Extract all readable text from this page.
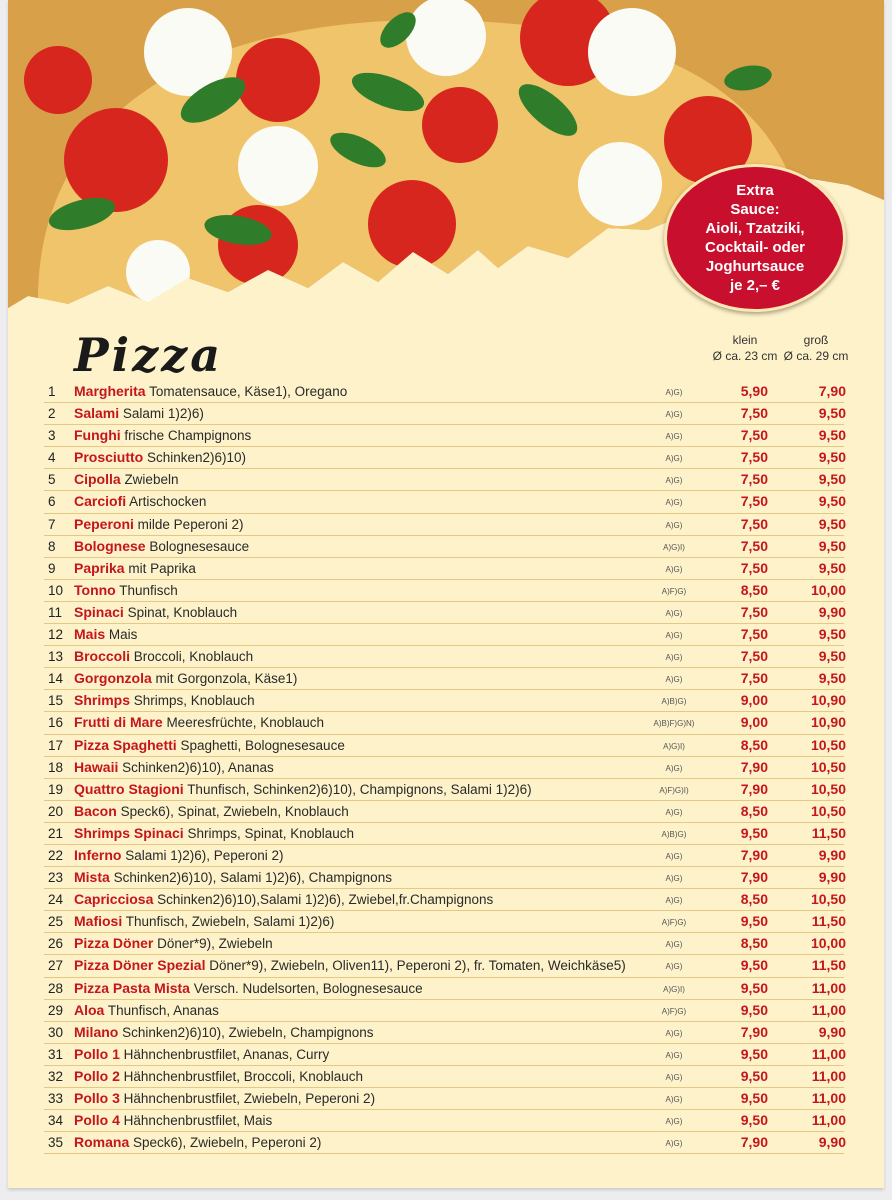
Extra
Sauce:
Aioli, Tzatziki,
Cocktail- oder
Joghurtsauce
je 2,– €
Pizza	klein
Ø ca. 23 cm
groß
Ø ca. 29 cm
1	Margherita Tomatensauce, Käse1), Oregano	A)G)	5,90	7,90
2	Salami Salami 1)2)6)	A)G)	7,50	9,50
3	Funghi frische Champignons	A)G)	7,50	9,50
4	Prosciutto Schinken2)6)10)	A)G)	7,50	9,50
5	Cipolla Zwiebeln	A)G)	7,50	9,50
6	Carciofi Artischocken	A)G)	7,50	9,50
7	Peperoni milde Peperoni 2)	A)G)	7,50	9,50
8	Bolognese Bolognesesauce	A)G)I)	7,50	9,50
9	Paprika mit Paprika	A)G)	7,50	9,50
10 Tonno Thunfisch	A)F)G)	8,50	10,00
11 Spinaci Spinat, Knoblauch	A)G)	7,50	9,90
12 Mais Mais	A)G)	7,50	9,50
13 Broccoli Broccoli, Knoblauch	A)G)	7,50	9,50
14 Gorgonzola mit Gorgonzola, Käse1)	A)G)	7,50	9,50
15 Shrimps Shrimps, Knoblauch	A)B)G)	9,00	10,90
16 Frutti di Mare Meeresfrüchte, Knoblauch	A)B)F)G)N)	9,00	10,90
17 Pizza Spaghetti Spaghetti, Bolognesesauce	A)G)I)	8,50	10,50
18 Hawaii Schinken2)6)10), Ananas	A)G)	7,90	10,50
19 Quattro Stagioni Thunfisch, Schinken2)6)10), Champignons, Salami 1)2)6)	A)F)G)I)	7,90	10,50
20 Bacon Speck6), Spinat, Zwiebeln, Knoblauch	A)G)	8,50	10,50
21 Shrimps Spinaci Shrimps, Spinat, Knoblauch	A)B)G)	9,50	11,50
22 Inferno Salami 1)2)6), Peperoni 2)	A)G)	7,90	9,90
23 Mista Schinken2)6)10), Salami 1)2)6), Champignons	A)G)	7,90	9,90
24 Capricciosa Schinken2)6)10),Salami 1)2)6), Zwiebel,fr.Champignons	A)G)	8,50	10,50
25 Mafiosi Thunfisch, Zwiebeln, Salami 1)2)6)	A)F)G)	9,50	11,50
26 Pizza Döner Döner*9), Zwiebeln	A)G)	8,50	10,00
27 Pizza Döner Spezial Döner*9), Zwiebeln, Oliven11), Peperoni 2), fr. Tomaten, Weichkäse5)	A)G)	9,50	11,50
28 Pizza Pasta Mista Versch. Nudelsorten, Bolognesesauce	A)G)I)	9,50	11,00
29 Aloa Thunfisch, Ananas	A)F)G)	9,50	11,00
30 Milano Schinken2)6)10), Zwiebeln, Champignons	A)G)	7,90	9,90
31 Pollo 1 Hähnchenbrustfilet, Ananas, Curry	A)G)	9,50	11,00
32 Pollo 2 Hähnchenbrustfilet, Broccoli, Knoblauch	A)G)	9,50	11,00
33 Pollo 3 Hähnchenbrustfilet, Zwiebeln, Peperoni 2)	A)G)	9,50	11,00
34 Pollo 4 Hähnchenbrustfilet, Mais	A)G)	9,50	11,00
35 Romana Speck6), Zwiebeln, Peperoni 2)	A)G)	7,90	9,90
